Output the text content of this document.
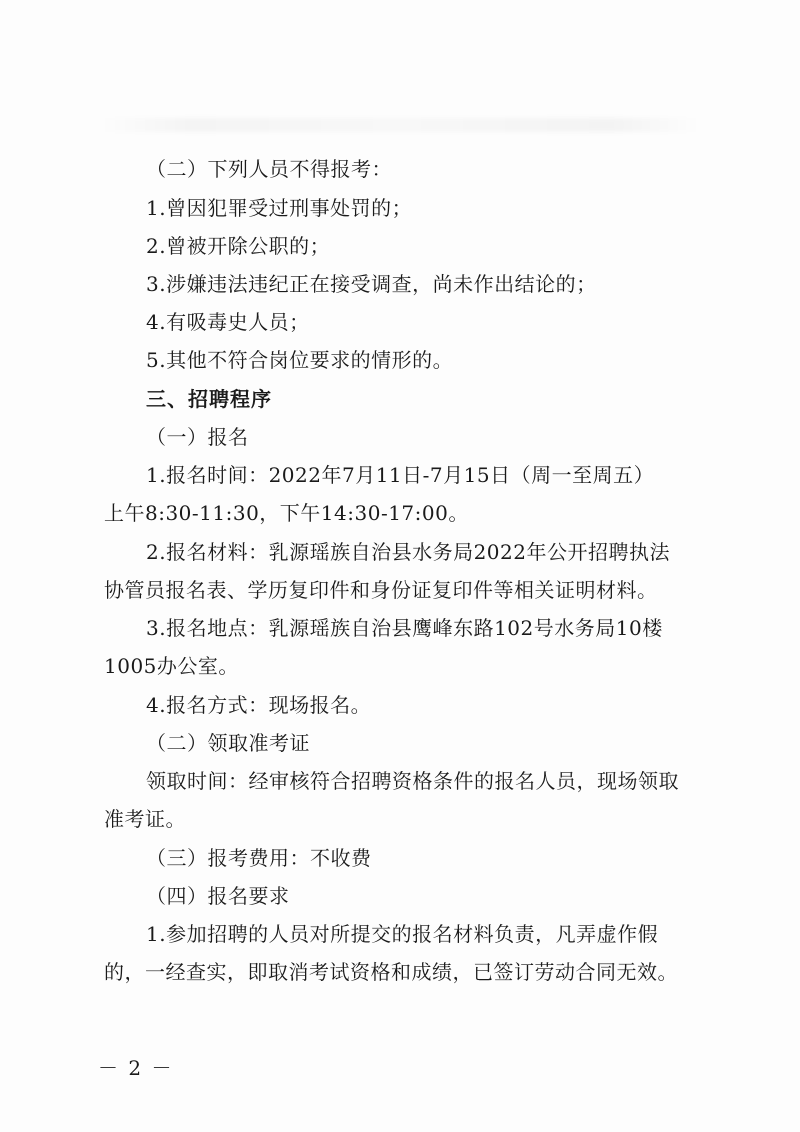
（二）下列人员不得报考：
1.曾因犯罪受过刑事处罚的；
2.曾被开除公职的；
3.涉嫌违法违纪正在接受调查，尚未作出结论的；
4.有吸毒史人员；
5.其他不符合岗位要求的情形的。
三、招聘程序
（一）报名
1.报名时间：2022年7月11日-7月15日（周一至周五）
上午8:30-11:30，下午14:30-17:00。
2.报名材料：乳源瑶族自治县水务局2022年公开招聘执法
协管员报名表、学历复印件和身份证复印件等相关证明材料。
3.报名地点：乳源瑶族自治县鹰峰东路102号水务局10楼
1005办公室。
4.报名方式：现场报名。
（二）领取准考证
领取时间：经审核符合招聘资格条件的报名人员，现场领取
准考证。
（三）报考费用：不收费
（四）报名要求
1.参加招聘的人员对所提交的报名材料负责，凡弄虚作假
的，一经查实，即取消考试资格和成绩，已签订劳动合同无效。
－ 2 －
